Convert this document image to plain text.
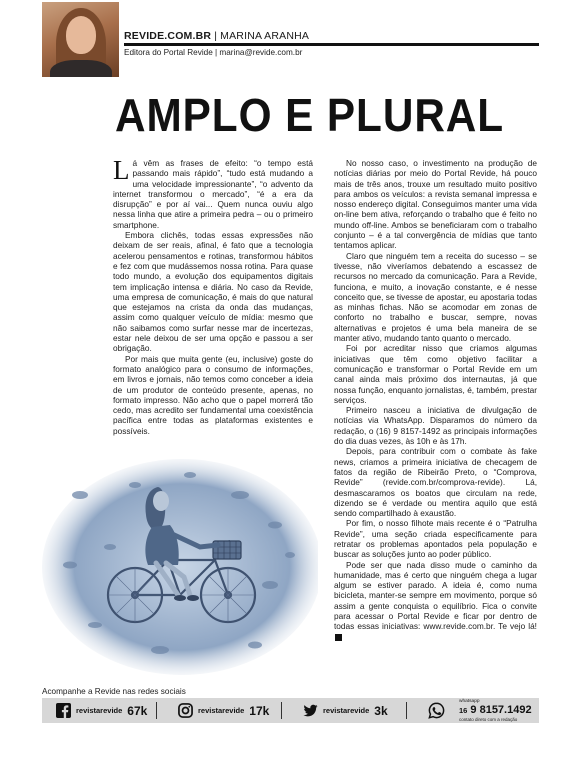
REVIDE.COM.BR | MARINA ARANHA
Editora do Portal Revide | marina@revide.com.br
AMPLO E PLURAL

Lá vêm as frases de efeito: “o tempo está passando mais rápido”, “tudo está mudando a uma velocidade impressionante”, “o advento da internet transformou o mercado”, “é a era da disrupção” e por aí vai... Quem nunca ouviu algo nessa linha que atire a primeira pedra – ou o primeiro smartphone.

Embora clichês, todas essas expressões não deixam de ser reais, afinal, é fato que a tecnologia acelerou pensamentos e rotinas, transformou hábitos e fez com que mudássemos nossa rotina. Para quase todo mundo, a evolução dos equipamentos digitais tem implicação intensa e diária. No caso da Revide, uma empresa de comunicação, é mais do que natural que estejamos na crista da onda das mudanças, assim como qualquer veículo de mídia: mesmo que não saibamos como surfar nesse mar de incertezas, estar nele deixou de ser uma opção e passou a ser obrigação.

Por mais que muita gente (eu, inclusive) goste do formato analógico para o consumo de informações, em livros e jornais, não temos como conceber a ideia de um produtor de conteúdo presente, apenas, no formato impresso. Não acho que o papel morrerá tão cedo, mas acredito ser fundamental uma coexistência pacífica entre todas as plataformas existentes e possíveis.

No nosso caso, o investimento na produção de notícias diárias por meio do Portal Revide, há pouco mais de três anos, trouxe um resultado muito positivo para ambos os veículos: a revista semanal impressa e nosso endereço digital. Conseguimos manter uma vida on-line bem ativa, reforçando o trabalho que é feito no mundo off-line. Ambos se beneficiaram com o trabalho conjunto – é a tal convergência de mídias que tanto tentamos aplicar.

Claro que ninguém tem a receita do sucesso – se tivesse, não viveríamos debatendo a escassez de recursos no mercado da comunicação. Para a Revide, funciona, e muito, a inovação constante, e é nesse conceito que, se tivesse de apostar, eu apostaria todas as minhas fichas. Não se acomodar em zonas de conforto no trabalho e buscar, sempre, novas alternativas e projetos é uma bela maneira de se manter ativo, mudando tanto quanto o mercado.

Foi por acreditar nisso que criamos algumas iniciativas que têm como objetivo facilitar a comunicação e transformar o Portal Revide em um canal ainda mais próximo dos internautas, já que nossa função, enquanto jornalistas, é, também, prestar serviços.

Primeiro nasceu a iniciativa de divulgação de notícias via WhatsApp. Disparamos do número da redação, o (16) 9 8157-1492 as principais informações do dia duas vezes, às 10h e às 17h.

Depois, para contribuir com o combate às fake news, criamos a primeira iniciativa de checagem de fatos da região de Ribeirão Preto, o “Comprova, Revide” (revide.com.br/comprova-revide). Lá, desmascaramos os boatos que circulam na rede, dizendo se é verdade ou mentira aquilo que está sendo compartilhado à exaustão.

Por fim, o nosso filhote mais recente é o “Patrulha Revide”, uma seção criada especificamente para retratar os problemas apontados pela população e buscar as soluções junto ao poder público.

Pode ser que nada disso mude o caminho da humanidade, mas é certo que ninguém chega a lugar algum se estiver parado. A ideia é, como numa bicicleta, manter-se sempre em movimento, porque só assim a gente conquista o equilíbrio. Fica o convite para acessar o Portal Revide e ficar por dentro de todas essas iniciativas: www.revide.com.br. Te vejo lá!

Acompanhe a Revide nas redes sociais
revistarevide 67k	revistarevide 17k	revistarevide 3k
whatsapp
16 9 8157.1492
contato direto com a redação
